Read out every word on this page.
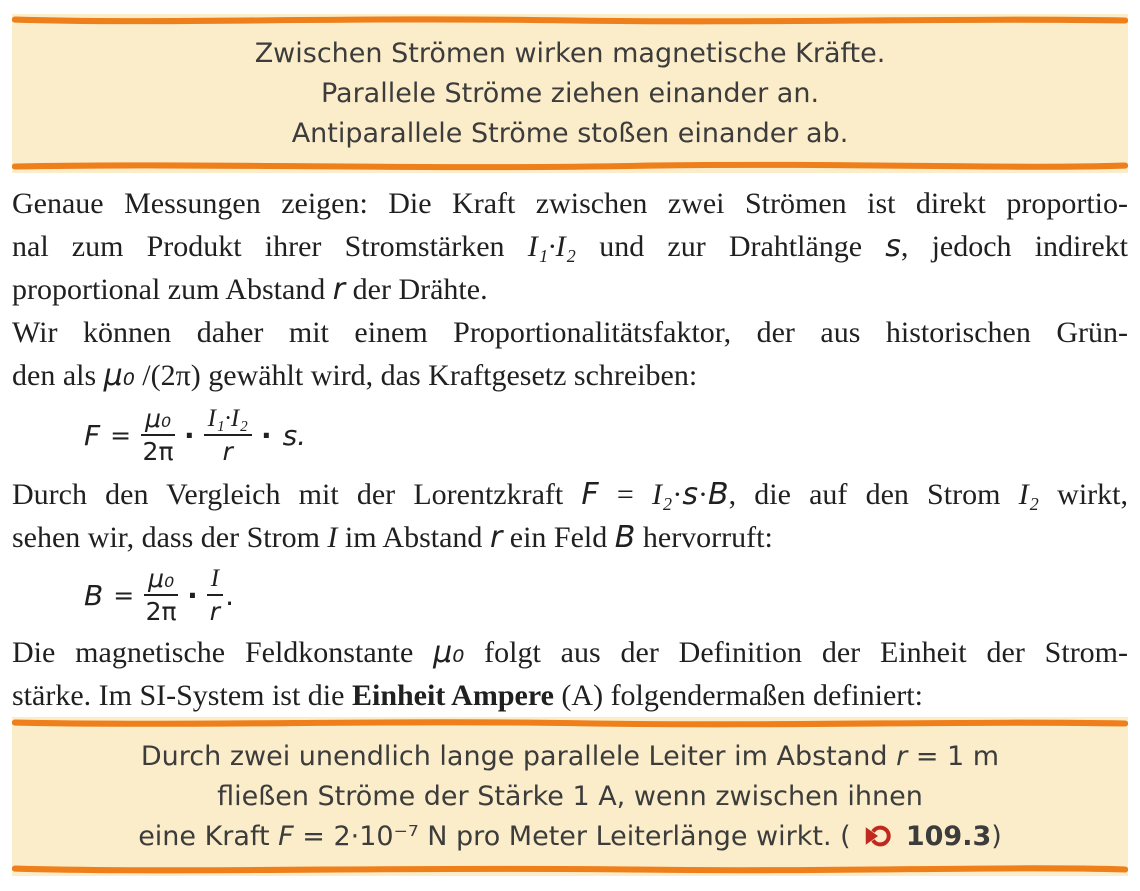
Zwischen Strömen wirken magnetische Kräfte.
Parallele Ströme ziehen einander an.
Antiparallele Ströme stoßen einander ab.
Genaue Messungen zeigen: Die Kraft zwischen zwei Strömen ist direkt proportio-
nal zum Produkt ihrer Stromstärken I₁·I₂ und zur Drahtlänge s, jedoch indirekt
proportional zum Abstand r der Drähte.
Wir können daher mit einem Proportionalitätsfaktor, der aus historischen Grün-
den als μ₀ /(2π) gewählt wird, das Kraftgesetz schreiben:
$F = \frac{\text{μ₀}}{2\pi} \cdot \frac{\text{I₁·I₂}}{r} \cdot s$.
Durch den Vergleich mit der Lorentzkraft F = I₂·s·B, die auf den Strom I₂ wirkt,
sehen wir, dass der Strom I im Abstand r ein Feld B hervorruft:
$B = \frac{\text{μ₀}}{2\pi} \cdot \frac{I}{r}$ .
Die magnetische Feldkonstante μ₀ folgt aus der Definition der Einheit der Strom-
stärke. Im SI-System ist die Einheit Ampere (A) folgendermaßen definiert:
Durch zwei unendlich lange parallele Leiter im Abstand r = 1 m
fließen Ströme der Stärke 1 A, wenn zwischen ihnen
eine Kraft F = 2·10⁻⁷ N pro Meter Leiterlänge wirkt. ( 109.3)
